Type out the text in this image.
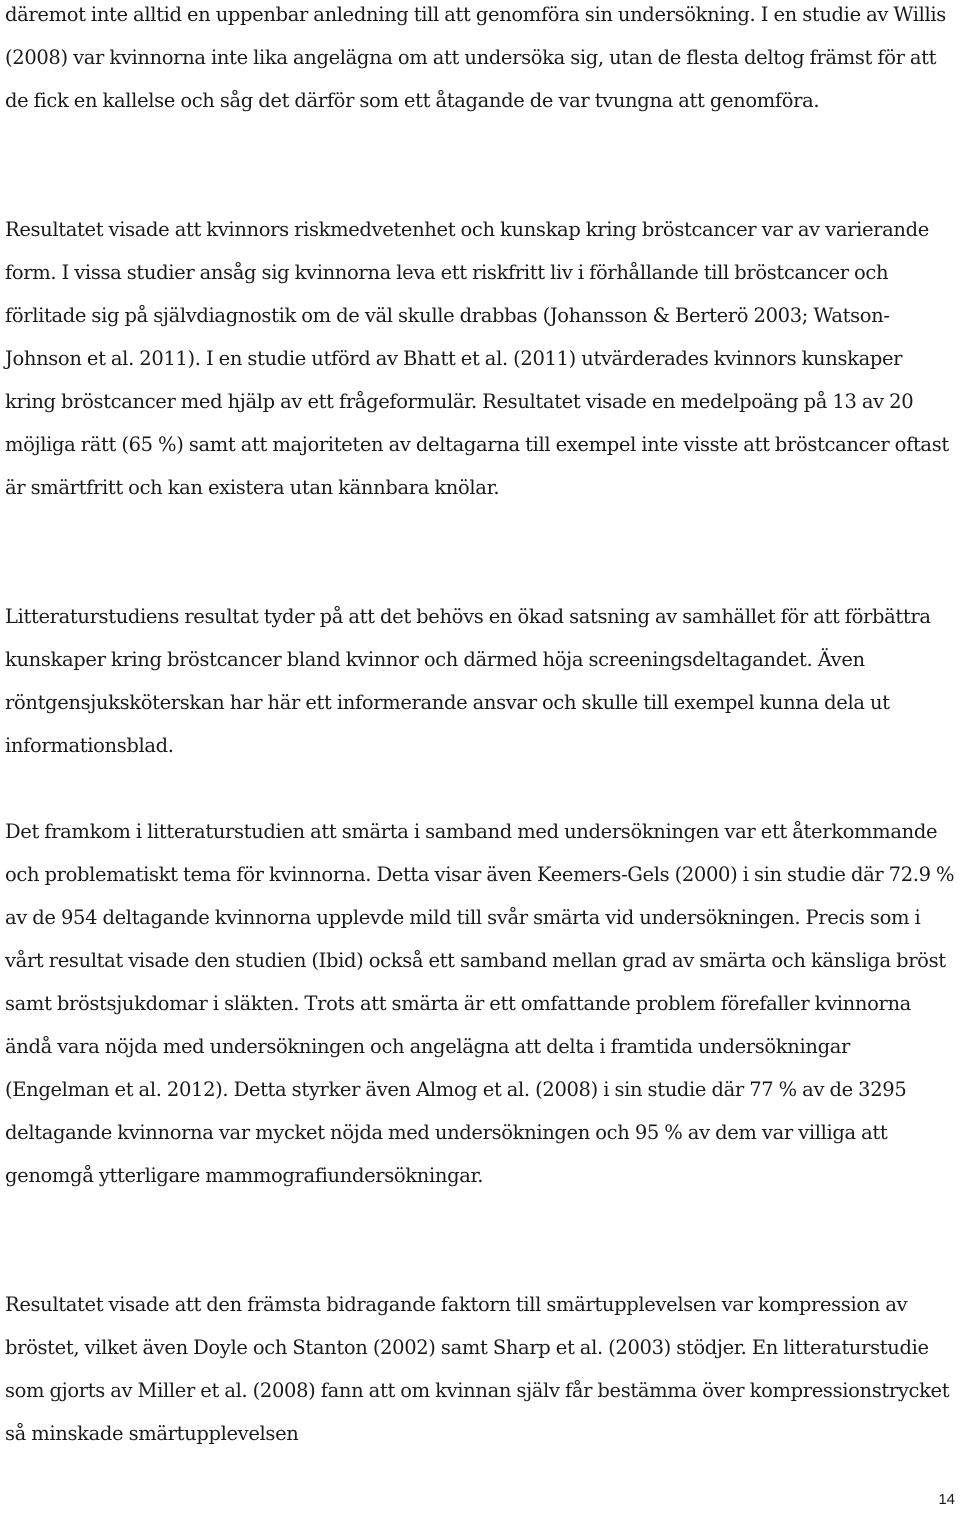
däremot inte alltid en uppenbar anledning till att genomföra sin undersökning. I en studie av Willis (2008) var kvinnorna inte lika angelägna om att undersöka sig, utan de flesta deltog främst för att de fick en kallelse och såg det därför som ett åtagande de var tvungna att genomföra.

Resultatet visade att kvinnors riskmedvetenhet och kunskap kring bröstcancer var av varierande form. I vissa studier ansåg sig kvinnorna leva ett riskfritt liv i förhållande till bröstcancer och förlitade sig på självdiagnostik om de väl skulle drabbas (Johansson & Berterö 2003; Watson-Johnson et al. 2011). I en studie utförd av Bhatt et al. (2011) utvärderades kvinnors kunskaper kring bröstcancer med hjälp av ett frågeformulär. Resultatet visade en medelpoäng på 13 av 20 möjliga rätt (65 %) samt att majoriteten av deltagarna till exempel inte visste att bröstcancer oftast är smärtfritt och kan existera utan kännbara knölar.

Litteraturstudiens resultat tyder på att det behövs en ökad satsning av samhället för att förbättra kunskaper kring bröstcancer bland kvinnor och därmed höja screeningsdeltagandet. Även röntgensjuksköterskan har här ett informerande ansvar och skulle till exempel kunna dela ut informationsblad.

Det framkom i litteraturstudien att smärta i samband med undersökningen var ett återkommande och problematiskt tema för kvinnorna. Detta visar även Keemers-Gels (2000) i sin studie där 72.9 % av de 954 deltagande kvinnorna upplevde mild till svår smärta vid undersökningen. Precis som i vårt resultat visade den studien (Ibid) också ett samband mellan grad av smärta och känsliga bröst samt bröstsjukdomar i släkten. Trots att smärta är ett omfattande problem förefaller kvinnorna ändå vara nöjda med undersökningen och angelägna att delta i framtida undersökningar (Engelman et al. 2012). Detta styrker även Almog et al. (2008) i sin studie där 77 % av de 3295 deltagande kvinnorna var mycket nöjda med undersökningen och 95 % av dem var villiga att genomgå ytterligare mammografiundersökningar.

Resultatet visade att den främsta bidragande faktorn till smärtupplevelsen var kompression av bröstet, vilket även Doyle och Stanton (2002) samt Sharp et al. (2003) stödjer. En litteraturstudie som gjorts av Miller et al. (2008) fann att om kvinnan själv får bestämma över kompressionstrycket så minskade smärtupplevelsen

14
